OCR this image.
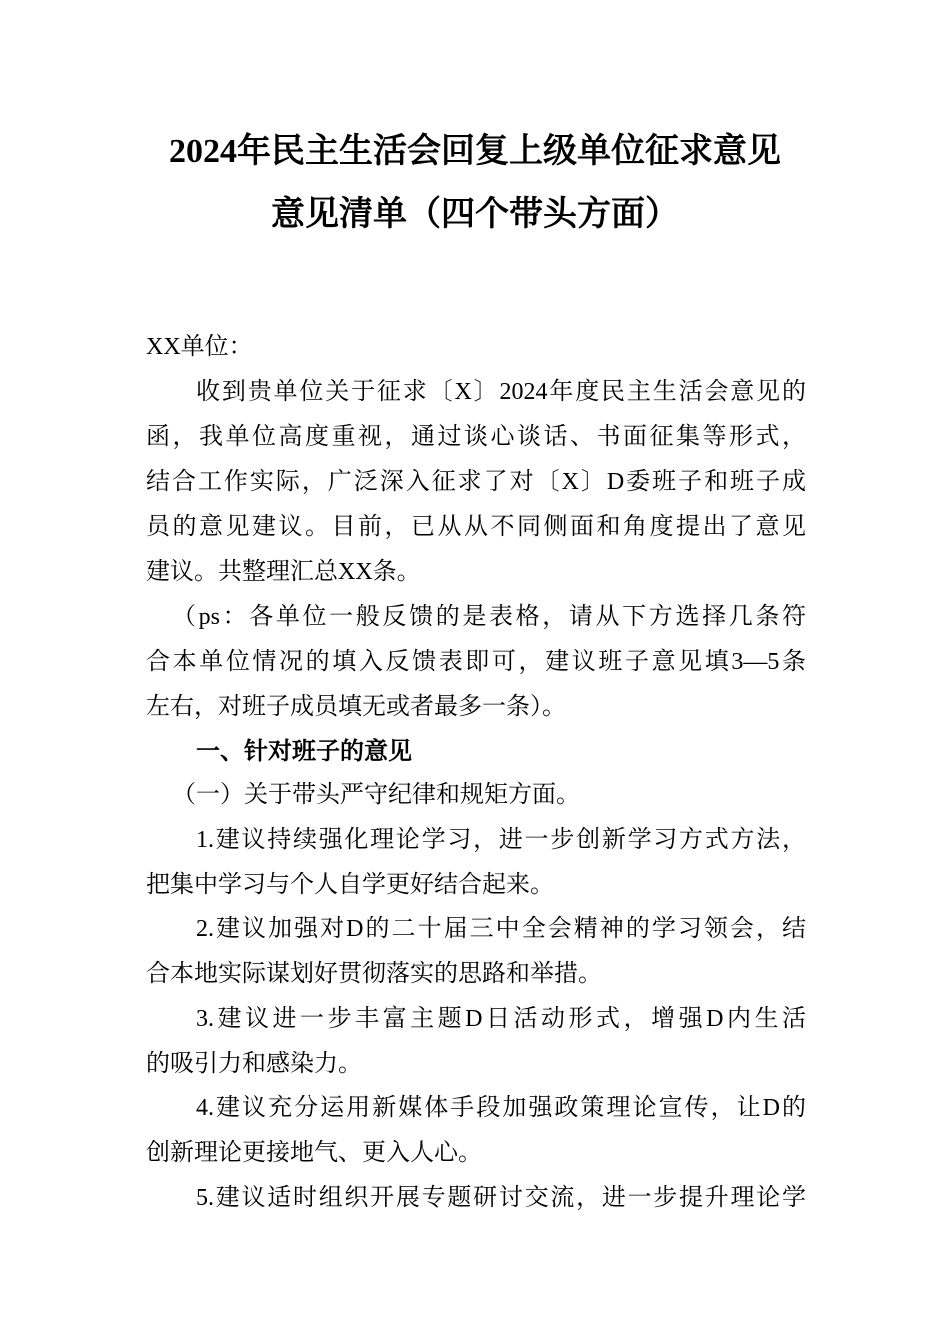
2024年民主生活会回复上级单位征求意见
意见清单（四个带头方面）
XX单位：
收到贵单位关于征求〔X〕2024年度民主生活会意见的
函，我单位高度重视，通过谈心谈话、书面征集等形式，
结合工作实际，广泛深入征求了对〔X〕D委班子和班子成
员的意见建议。目前，已从从不同侧面和角度提出了意见
建议。共整理汇总XX条。
（ps：各单位一般反馈的是表格，请从下方选择几条符
合本单位情况的填入反馈表即可，建议班子意见填3—5条
左右，对班子成员填无或者最多一条）。
一、针对班子的意见
（一）关于带头严守纪律和规矩方面。
1.建议持续强化理论学习，进一步创新学习方式方法，
把集中学习与个人自学更好结合起来。
2.建议加强对D的二十届三中全会精神的学习领会，结
合本地实际谋划好贯彻落实的思路和举措。
3.建议进一步丰富主题D日活动形式，增强D内生活
的吸引力和感染力。
4.建议充分运用新媒体手段加强政策理论宣传，让D的
创新理论更接地气、更入人心。
5.建议适时组织开展专题研讨交流，进一步提升理论学
